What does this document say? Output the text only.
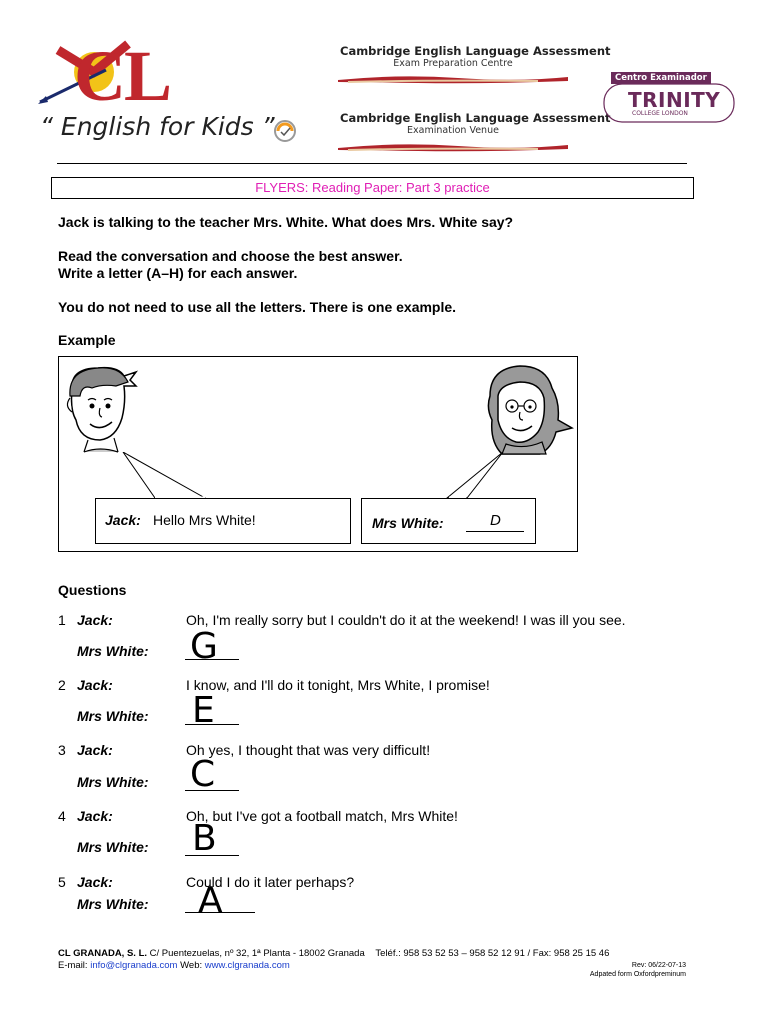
CL
“ English for Kids ”
Cambridge English Language Assessment
Exam Preparation Centre
Cambridge English Language Assessment
Examination Venue
Centro Examinador
TRINITY
COLLEGE LONDON
FLYERS: Reading Paper: Part 3 practice
Jack is talking to the teacher Mrs. White. What does Mrs. White say?
Read the conversation and choose the best answer.
Write a letter (A–H) for each answer.
You do not need to use all the letters. There is one example.
Example
Jack: Hello Mrs White!	Mrs White:	D
Questions
1 Jack:	Oh, I'm really sorry but I couldn't do it at the weekend! I was ill you see.
Mrs White: G
2 Jack:	I know, and I'll do it tonight, Mrs White, I promise!
Mrs White: E
3 Jack:	Oh yes, I thought that was very difficult!
Mrs White: C
4 Jack:	Oh, but I've got a football match, Mrs White!
Mrs White: B
5 Jack:	Could I do it later perhaps?
Mrs White: A
CL GRANADA, S. L. C/ Puentezuelas, nº 32, 1ª Planta - 18002 Granada Teléf.: 958 53 52 53 – 958 52 12 91 / Fax: 958 25 15 46
E-mail: info@clgranada.com Web: www.clgranada.com	Rev: 06/22-07-13
Adpated form Oxfordpreminum
